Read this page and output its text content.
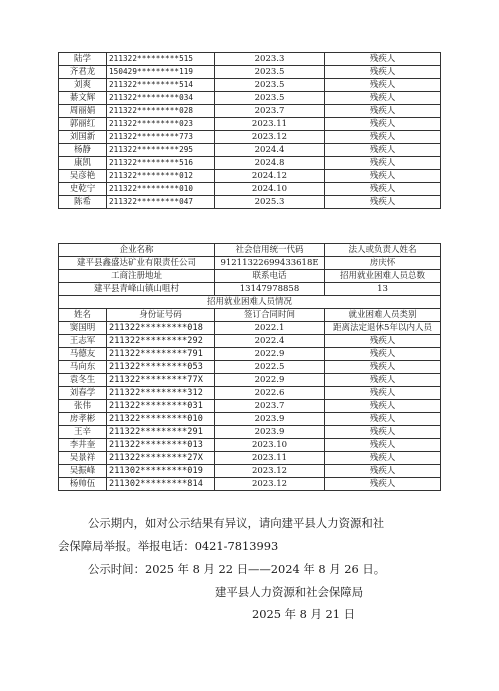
陆学	211322*********515	2023.3	残疾人
齐君龙	150429*********119	2023.5	残疾人
刘爽	211322*********514	2023.5	残疾人
綦文辉	211322*********034	2023.5	残疾人
周丽娟	211322*********028	2023.7	残疾人
郭丽红	211322*********023	2023.11	残疾人
刘国新	211322*********773	2023.12	残疾人
杨静	211322*********295	2024.4	残疾人
康凯	211322*********516	2024.8	残疾人
吴彦艳	211322*********012	2024.12	残疾人
史乾宁	211322*********010	2024.10	残疾人
陈希	211322*********047	2025.3	残疾人
企业名称		社会信用统一代码	法人或负责人姓名
建平县鑫盛达矿业有限责任公司		91211322699433618E	房庆怀
工商注册地址		联系电话	招用就业困难人员总数
建平县青峰山镇山咀村		13147978858	13
招用就业困难人员情况			
姓名	身份证号码	签订合同时间	就业困难人员类别
窦国明	211322*********018	2022.1	距离法定退休5年以内人员
王志军	211322*********292	2022.4	残疾人
马德友	211322*********791	2022.9	残疾人
马向东	211322*********053	2022.5	残疾人
袁冬生	211322*********77X	2022.9	残疾人
刘春学	211322*********312	2022.6	残疾人
张伟	211322*********031	2023.7	残疾人
房孝彬	211322*********010	2023.9	残疾人
王辛	211322*********291	2023.9	残疾人
李井奎	211322*********013	2023.10	残疾人
吴景祥	211322*********27X	2023.11	残疾人
吴振峰	211302*********019	2023.12	残疾人
杨帅伍	211302*********814	2023.12	残疾人
公示期内，如对公示结果有异议，请向建平县人力资源和社
会保障局举报。举报电话：0421-7813993
公示时间：2025 年 8 月 22 日——2024 年 8 月 26 日。
建平县人力资源和社会保障局
2025 年 8 月 21 日
